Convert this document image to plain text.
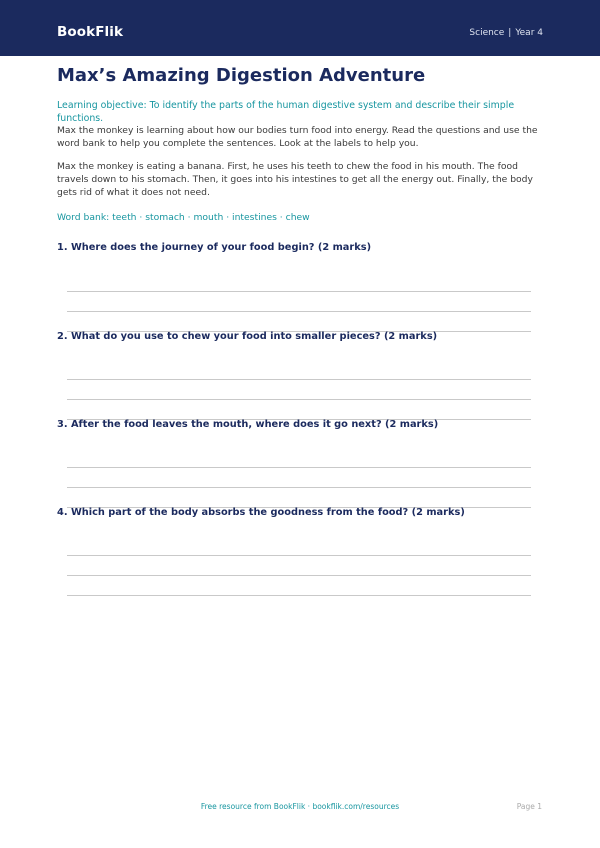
BookFlik	Science | Year 4
Max’s Amazing Digestion Adventure
Learning objective: To identify the parts of the human digestive system and describe their simple functions.
Max the monkey is learning about how our bodies turn food into energy. Read the questions and use the word bank to help you complete the sentences. Look at the labels to help you.
Max the monkey is eating a banana. First, he uses his teeth to chew the food in his mouth. The food travels down to his stomach. Then, it goes into his intestines to get all the energy out. Finally, the body gets rid of what it does not need.
Word bank: teeth · stomach · mouth · intestines · chew
1. Where does the journey of your food begin? (2 marks)
2. What do you use to chew your food into smaller pieces? (2 marks)
3. After the food leaves the mouth, where does it go next? (2 marks)
4. Which part of the body absorbs the goodness from the food? (2 marks)
Free resource from BookFlik · bookflik.com/resources	Page 1
